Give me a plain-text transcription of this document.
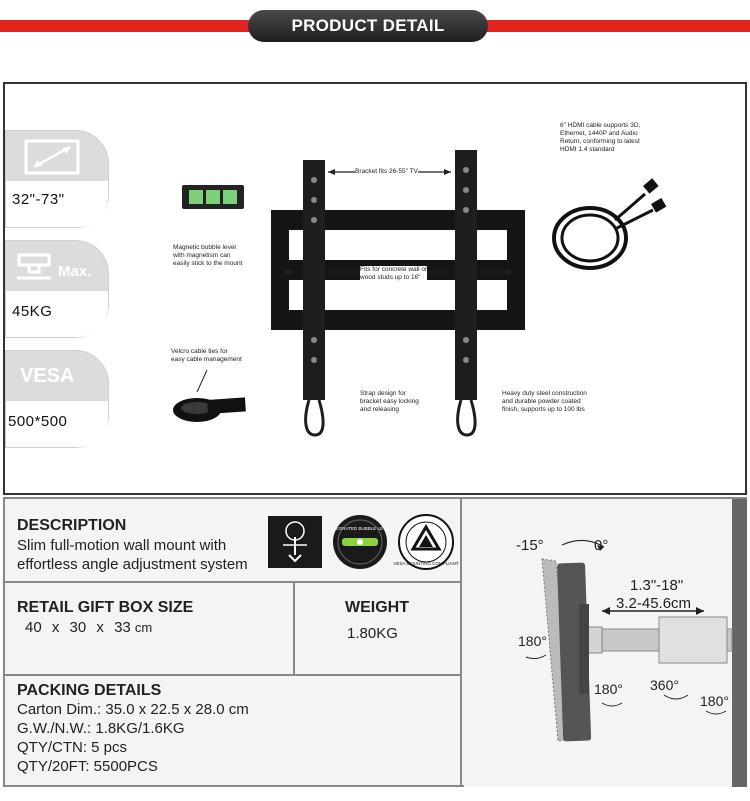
PRODUCT DETAIL
32"-73"
Max.
45KG
VESA
500*500
Magnetic bubble level
with magnetism can
easily stick to the mount
Velcro cable ties for
easy cable management
Bracket fits 26-55" TV
Fits for concrete wall or
wood studs up to 16"
Strap design for
bracket easy locking
and releasing
Heavy duty steel construction
and durable powder coated
finish, supports up to 100 lbs
6" HDMI cable supports 3D,
Ethernet, 1440P and Audio
Return, conforming to latest
HDMI 1.4 standard
DESCRIPTION
Slim full-motion wall mount with
effortless angle adjustment system
INTEGRATED BUBBLE LEVEL
VESA MOUNTING COMPLIANT
RETAIL GIFT BOX SIZE
40 x 30 x 33 cm
WEIGHT
1.80KG
PACKING DETAILS
Carton Dim.: 35.0 x 22.5 x 28.0 cm
G.W./N.W.: 1.8KG/1.6KG
QTY/CTN: 5 pcs
QTY/20FT: 5500PCS
-15°	0°
1.3"-18"
3.2-45.6cm
180°
180° 360°
180°
